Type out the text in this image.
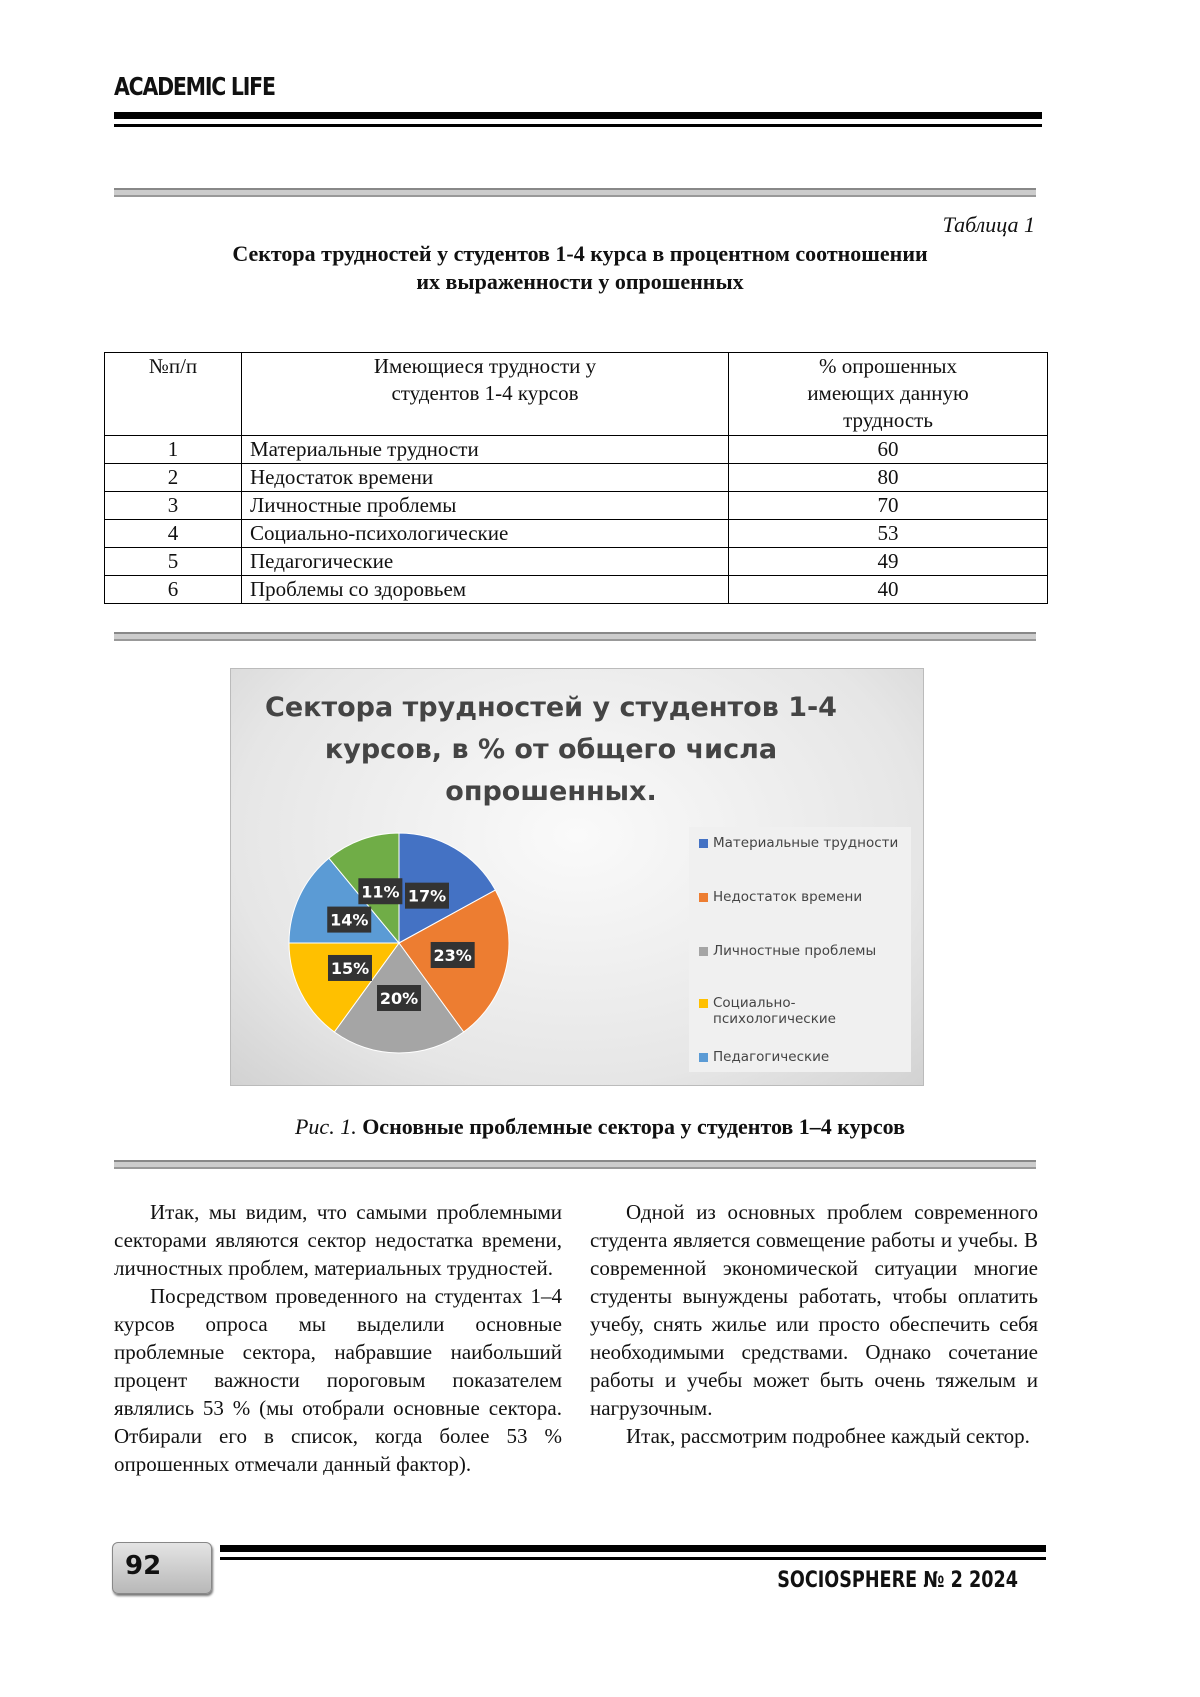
ACADEMIC LIFE
Таблица 1
Сектора трудностей у студентов 1-4 курса в процентном соотношении
их выраженности у опрошенных
№п/п	Имеющиеся трудности у студентов 1-4 курсов

% опрошенных имеющих данную трудность

1	Материальные трудности	60
2	Недостаток времени	80
3	Личностные проблемы	70
4	Социально-психологические	53
5	Педагогические	49
6	Проблемы со здоровьем	40
Сектора трудностей у студентов 1-4 курсов, в % от общего числа опрошенных.
17%
23%
20%
15%
14%
11%
Материальные трудности
Недостаток времени
Личностные проблемы
Социально-психологические
Педагогические
Рис. 1. Основные проблемные сектора у студентов 1–4 курсов

Итак, мы видим, что самыми проблемными секторами являются сектор недостатка времени, личностных проблем, материальных трудностей.

Посредством проведенного на студентах 1–4 курсов опроса мы выделили основные проблемные сектора, набравшие наибольший процент важности пороговым показателем являлись 53 % (мы отобрали основные сектора. Отбирали его в список, когда более 53 % опрошенных отмечали данный фактор).

Одной из основных проблем современного студента является совмещение работы и учебы. В современной экономической ситуации многие студенты вынуждены работать, чтобы оплатить учебу, снять жилье или просто обеспечить себя необходимыми средствами. Однако сочетание работы и учебы может быть очень тяжелым и нагрузочным.

Итак, рассмотрим подробнее каждый сектор.

92	SOCIOSPHERE № 2 2024
